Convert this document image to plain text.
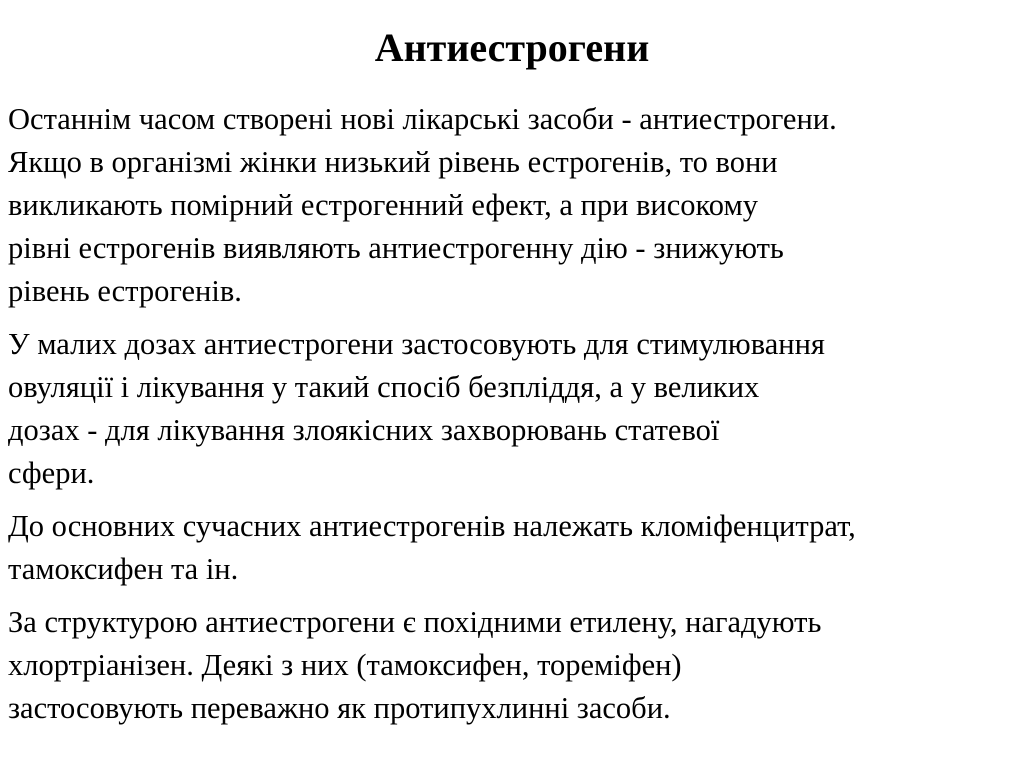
Антиестрогени

Останнім часом створені нові лікарські засоби - антиестрогени.
Якщо в організмі жінки низький рівень естрогенів, то вони
викликають помірний естрогенний ефект, а при високому
рівні естрогенів виявляють антиестрогенну дію - знижують
рівень естрогенів.

У малих дозах антиестрогени застосовують для стимулювання
овуляції і лікування у такий спосіб безпліддя, а у великих
дозах - для лікування злоякісних захворювань статевої
сфери.

До основних сучасних антиестрогенів належать кломіфенцитрат,
тамоксифен та ін.

За структурою антиестрогени є похідними етилену, нагадують
хлортріанізен. Деякі з них (тамоксифен, тореміфен)
застосовують переважно як протипухлинні засоби.
